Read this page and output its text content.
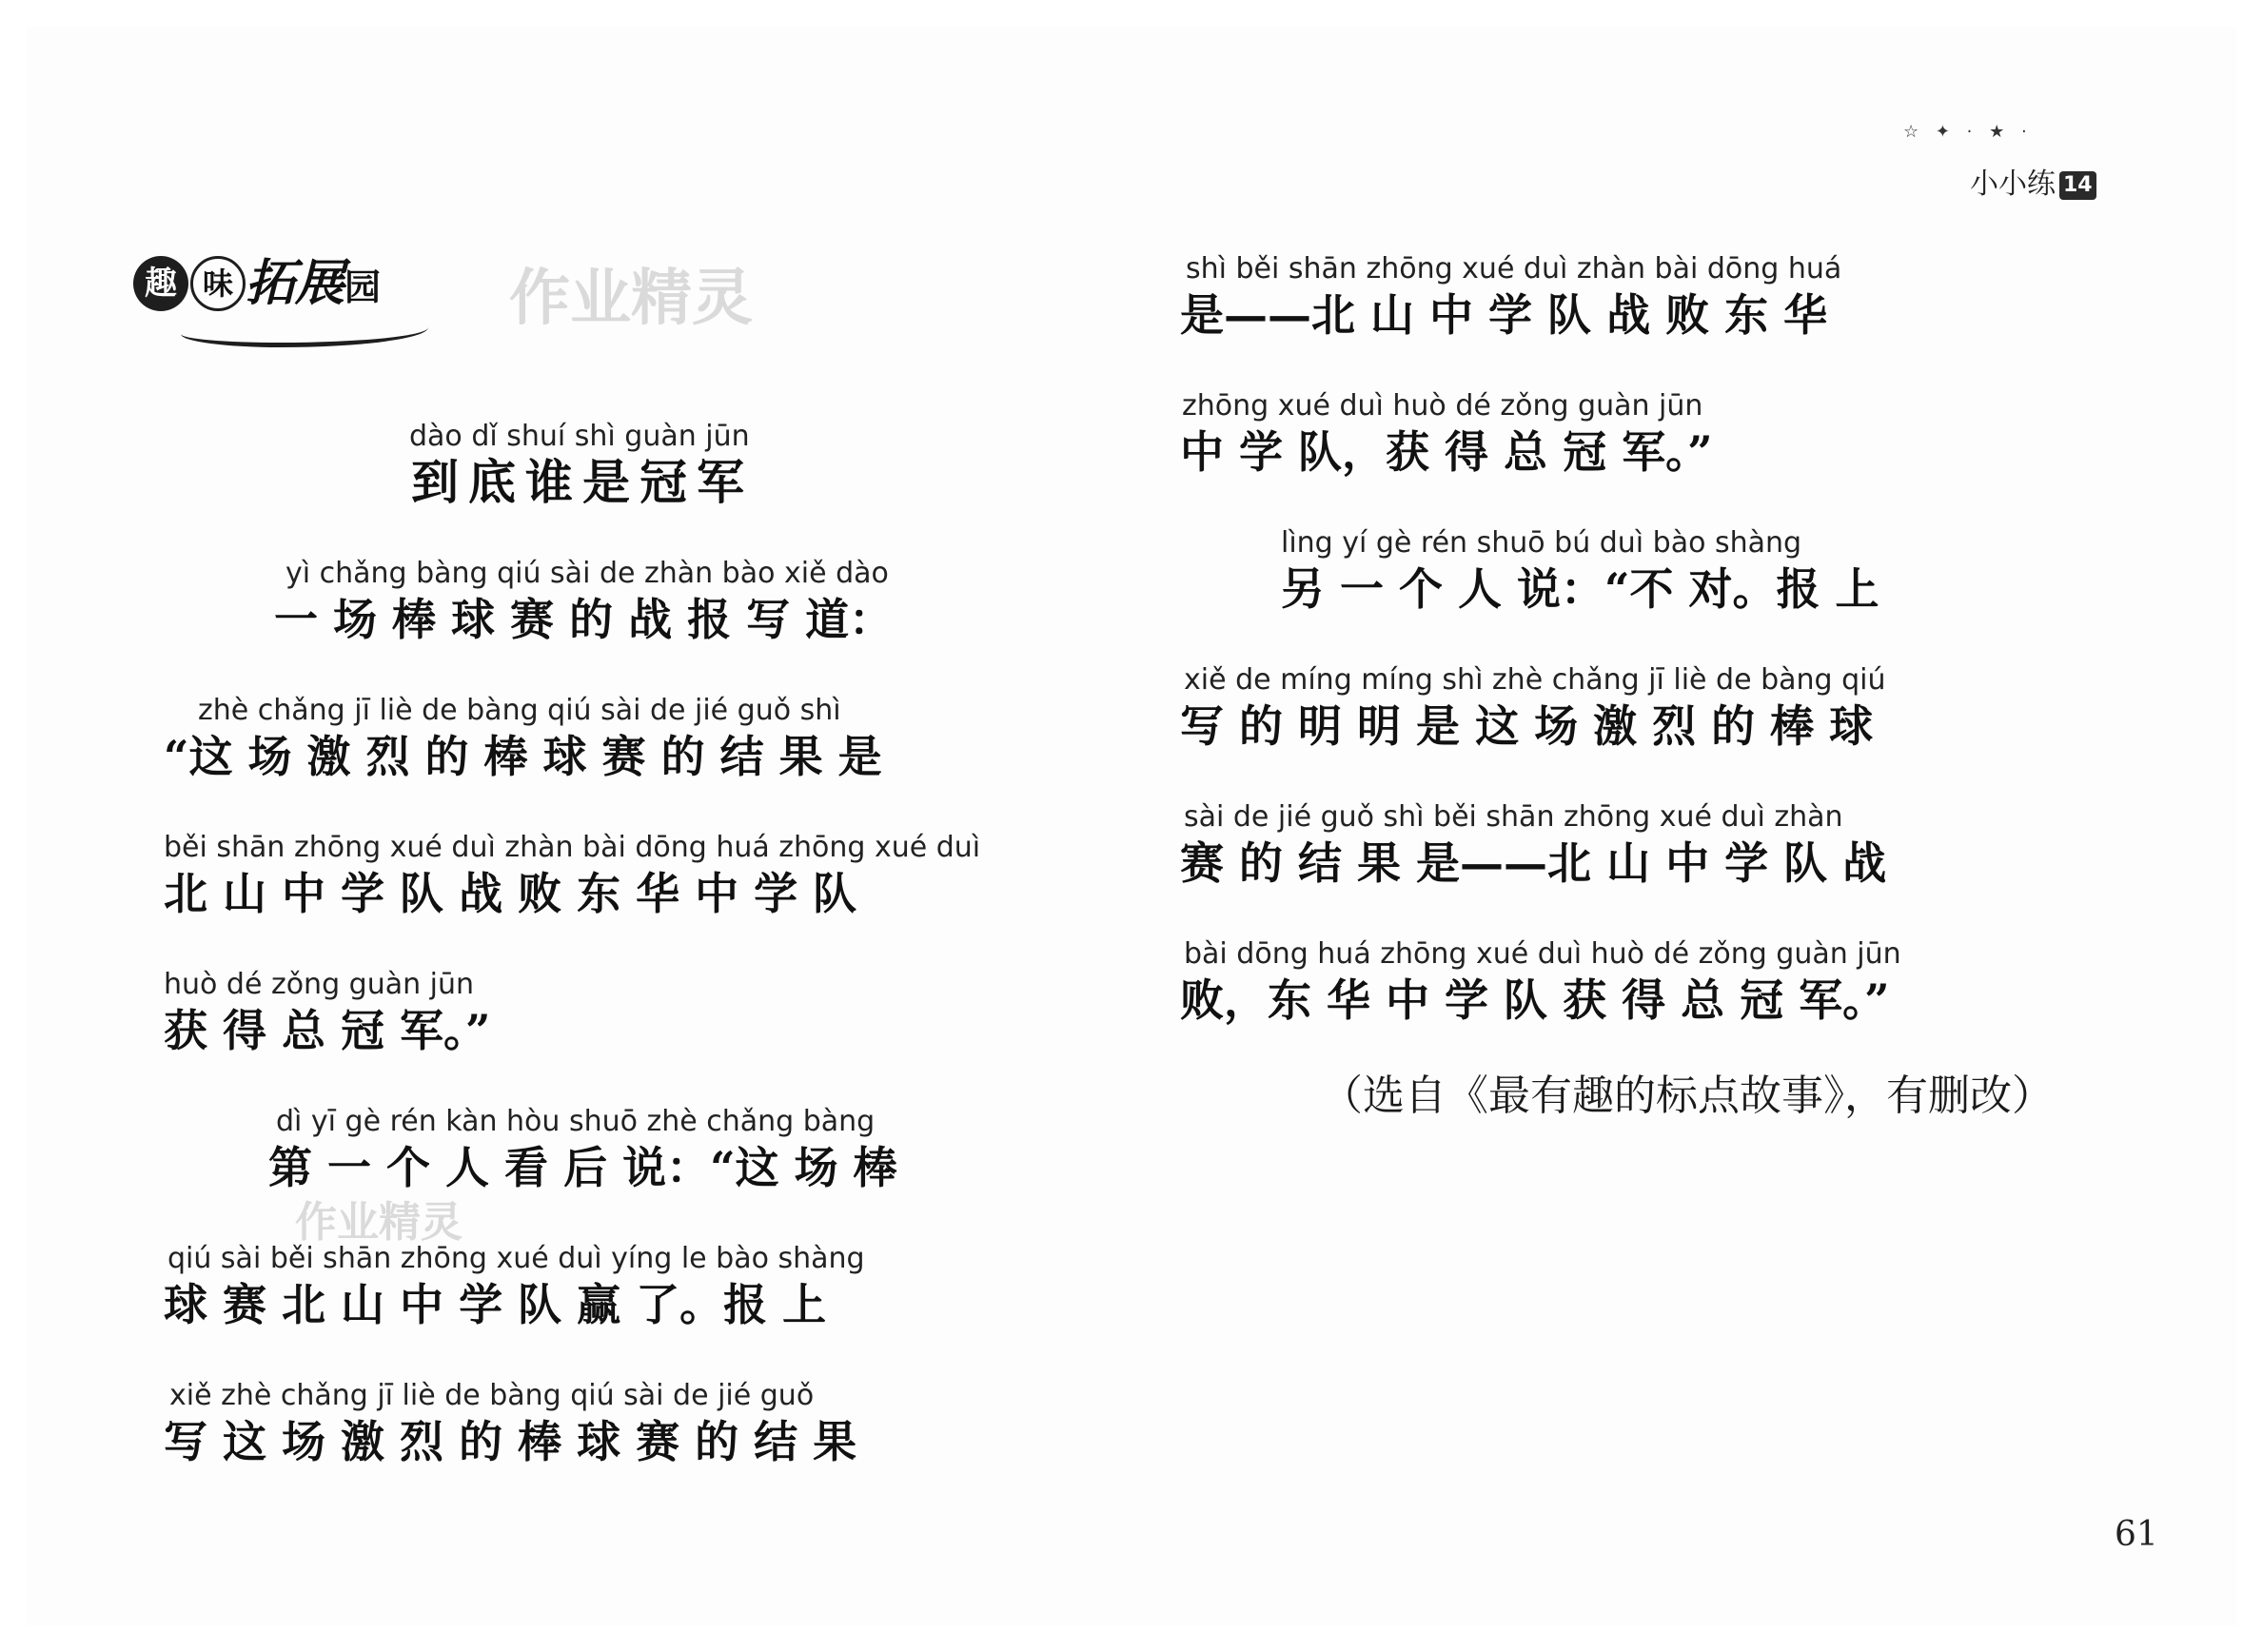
☆ ✦ · ★ ·
小小练 14
趣 味 拓展园 作业精灵
作业精灵
dào dǐ shuí shì guàn jūn
到底谁是冠军
yì chǎng bàng qiú sài de zhàn bào xiě dào
一 场 棒 球 赛 的 战 报 写 道：
zhè chǎng jī liè de bàng qiú sài de jié guǒ shì
“这 场 激 烈 的 棒 球 赛 的 结 果 是
běi shān zhōng xué duì zhàn bài dōng huá zhōng xué duì
北 山 中 学 队 战 败 东 华 中 学 队
huò dé zǒng guàn jūn
获 得 总 冠 军。”
dì yī gè rén kàn hòu shuō zhè chǎng bàng
第 一 个 人 看 后 说：“这 场 棒
qiú sài běi shān zhōng xué duì yíng le bào shàng
球 赛 北 山 中 学 队 赢 了。报 上
xiě zhè chǎng jī liè de bàng qiú sài de jié guǒ
写 这 场 激 烈 的 棒 球 赛 的 结 果
shì běi shān zhōng xué duì zhàn bài dōng huá
是——北 山 中 学 队 战 败 东 华
zhōng xué duì huò dé zǒng guàn jūn
中 学 队，获 得 总 冠 军。”
lìng yí gè rén shuō bú duì bào shàng
另 一 个 人 说：“不 对。报 上
xiě de míng míng shì zhè chǎng jī liè de bàng qiú
写 的 明 明 是 这 场 激 烈 的 棒 球
sài de jié guǒ shì běi shān zhōng xué duì zhàn
赛 的 结 果 是——北 山 中 学 队 战
bài dōng huá zhōng xué duì huò dé zǒng guàn jūn
败，东 华 中 学 队 获 得 总 冠 军。”
（选自《最有趣的标点故事》，有删改）
61
